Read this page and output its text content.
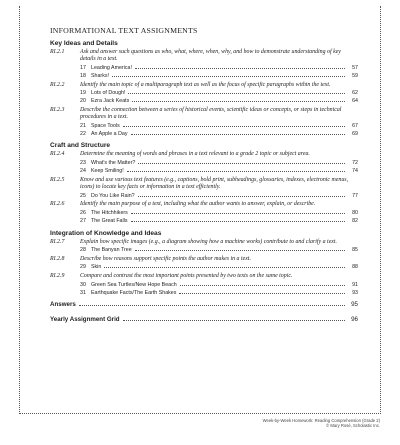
INFORMATIONAL TEXT ASSIGNMENTS
Key Ideas and Details
RI.2.1	Ask and answer such questions as who, what, where, when, why, and how to demonstrate understanding of key details in a text.
17 Leading America!	57
18 Sharks!	59
RI.2.2	Identify the main topic of a multiparagraph text as well as the focus of specific paragraphs within the text.
19 Lots of Dough!	62
20 Ezra Jack Keats	64
RI.2.3	Describe the connection between a series of historical events, scientific ideas or concepts, or steps in technical procedures in a text.
21 Space Tools	67
22 An Apple a Day	69
Craft and Structure
RI.2.4	Determine the meaning of words and phrases in a text relevant to a grade 2 topic or subject area.
23 What's the Matter?	72
24 Keep Smiling!	74
RI.2.5	Know and use various text features (e.g., captions, bold print, subheadings, glossaries, indexes, electronic menus, icons) to locate key facts or information in a text efficiently.
25 Do You Like Rain?	77
RI.2.6	Identify the main purpose of a text, including what the author wants to answer, explain, or describe.
26 The Hitchhikers	80
27 The Great Falls	82
Integration of Knowledge and Ideas
RI.2.7	Explain how specific images (e.g., a diagram showing how a machine works) contribute to and clarify a text.
28 The Banyan Tree	85
RI.2.8	Describe how reasons support specific points the author makes in a text.
29 Skin	88
RI.2.9	Compare and contrast the most important points presented by two texts on the same topic.
30 Green Sea Turtles/New Hope Beach	91
31 Earthquake Facts/The Earth Shakes	93
Answers	95
Yearly Assignment Grid	96
Week-by-Week Homework: Reading Comprehension (Grade 2)
© Mary Rosé, Scholastic Inc.
